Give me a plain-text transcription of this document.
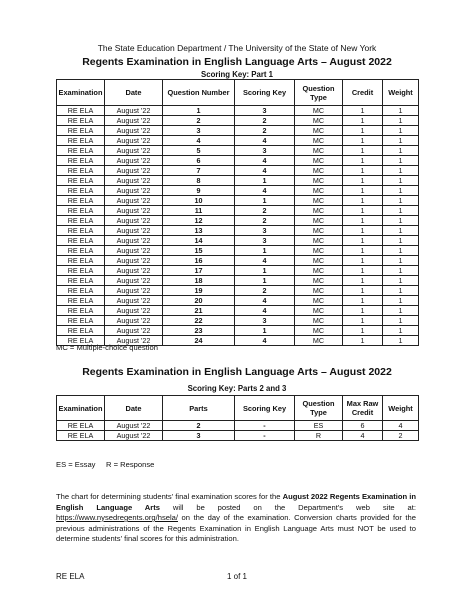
The State Education Department / The University of the State of New York
Regents Examination in English Language Arts – August 2022
Scoring Key: Part 1
Examination	Date	Question Number	Scoring Key	Question Type	Credit	Weight
RE ELA	August '22	1	3	MC	1	1
RE ELA	August '22	2	2	MC	1	1
RE ELA	August '22	3	2	MC	1	1
RE ELA	August '22	4	4	MC	1	1
RE ELA	August '22	5	3	MC	1	1
RE ELA	August '22	6	4	MC	1	1
RE ELA	August '22	7	4	MC	1	1
RE ELA	August '22	8	1	MC	1	1
RE ELA	August '22	9	4	MC	1	1
RE ELA	August '22	10	1	MC	1	1
RE ELA	August '22	11	2	MC	1	1
RE ELA	August '22	12	2	MC	1	1
RE ELA	August '22	13	3	MC	1	1
RE ELA	August '22	14	3	MC	1	1
RE ELA	August '22	15	1	MC	1	1
RE ELA	August '22	16	4	MC	1	1
RE ELA	August '22	17	1	MC	1	1
RE ELA	August '22	18	1	MC	1	1
RE ELA	August '22	19	2	MC	1	1
RE ELA	August '22	20	4	MC	1	1
RE ELA	August '22	21	4	MC	1	1
RE ELA	August '22	22	3	MC	1	1
RE ELA	August '22	23	1	MC	1	1
RE ELA	August '22	24	4	MC	1	1
MC = Multiple-choice question
Regents Examination in English Language Arts – August 2022
Scoring Key: Parts 2 and 3
Examination	Date	Parts	Scoring Key	Question Type	Max Raw Credit	Weight
RE ELA	August '22	2	-	ES	6	4
RE ELA	August '22	3	-	R	4	2
ES = Essay     R = Response
The chart for determining students' final examination scores for the August 2022 Regents Examination in English Language Arts will be posted on the Department's web site at: https://www.nysedregents.org/hsela/ on the day of the examination. Conversion charts provided for the previous administrations of the Regents Examination in English Language Arts must NOT be used to determine students' final scores for this administration.
RE ELA	1 of 1
